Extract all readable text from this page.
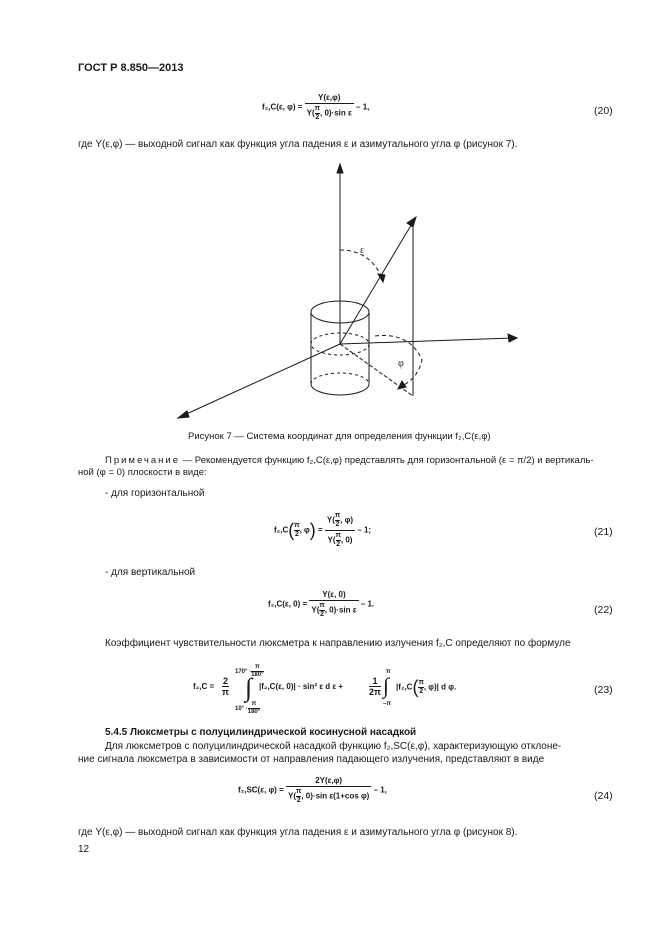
ГОСТ Р 8.850—2013
f₂,C(ε, $\varphi) = \frac{Y(\varepsilon,\varphi)}{Y( \frac{\pi}{2} , 0)\cdot\sin \varepsilon} - 1$,	(20)
где Y(ε,φ) — выходной сигнал как функция угла падения ε и азимутального угла φ (рисунок 7).
ε
φ
Рисунок 7 — Система координат для определения функции f₂,C(ε,φ)
Примечание — Рекомендуется функцию f₂,C(ε,φ) представлять для горизонтальной (ε = π/2) и вертикаль-
ной (φ = 0) плоскости в виде:
- для горизонтальной
$f_2,C( \frac{\pi}{2}$ , $\varphi) = \frac{Y( \frac{\pi}{2} , \varphi)}{Y( \frac{\pi}{2} , 0)} - 1$;	(21)
- для вертикальной
f₂,C(ε, $0) = \frac{Y(\varepsilon, 0)}{Y( \frac{\pi}{2} , 0)\cdot\sin \varepsilon} - 1$.	(22)
Коэффициент чувствительности люксметра к направлению излучения f₂,C определяют по формуле
$f_2,C = \frac{2}{\pi}$
$170^\circ \cdot \frac{\pi}{180^\circ}$
∫
$10^\circ \cdot \frac{\pi}{180^\circ}$
|f₂,C(ε, 0)| · sin² ε d ε +	$\frac{1}{2\pi}$
π
∫
–π
$|f_2,C( \frac{\pi}{2}$ , φ)| d φ.	(23)
5.4.5 Люксметры с полуцилиндрической косинусной насадкой
Для люксметров с полуцилиндрической насадкой функцию f₂,SC(ε,φ), характеризующую отклоне-
ние сигнала люксметра в зависимости от направления падающего излучения, представляют в виде
f₂,SC(ε, $\varphi) = \frac{2Y(\varepsilon,\varphi)}{Y( \frac{\pi}{2} , 0)\cdot\sin \varepsilon(1+\cos \varphi)} - 1$,	(24)
где Y(ε,φ) — выходной сигнал как функция угла падения ε и азимутального угла φ (рисунок 8).
12
